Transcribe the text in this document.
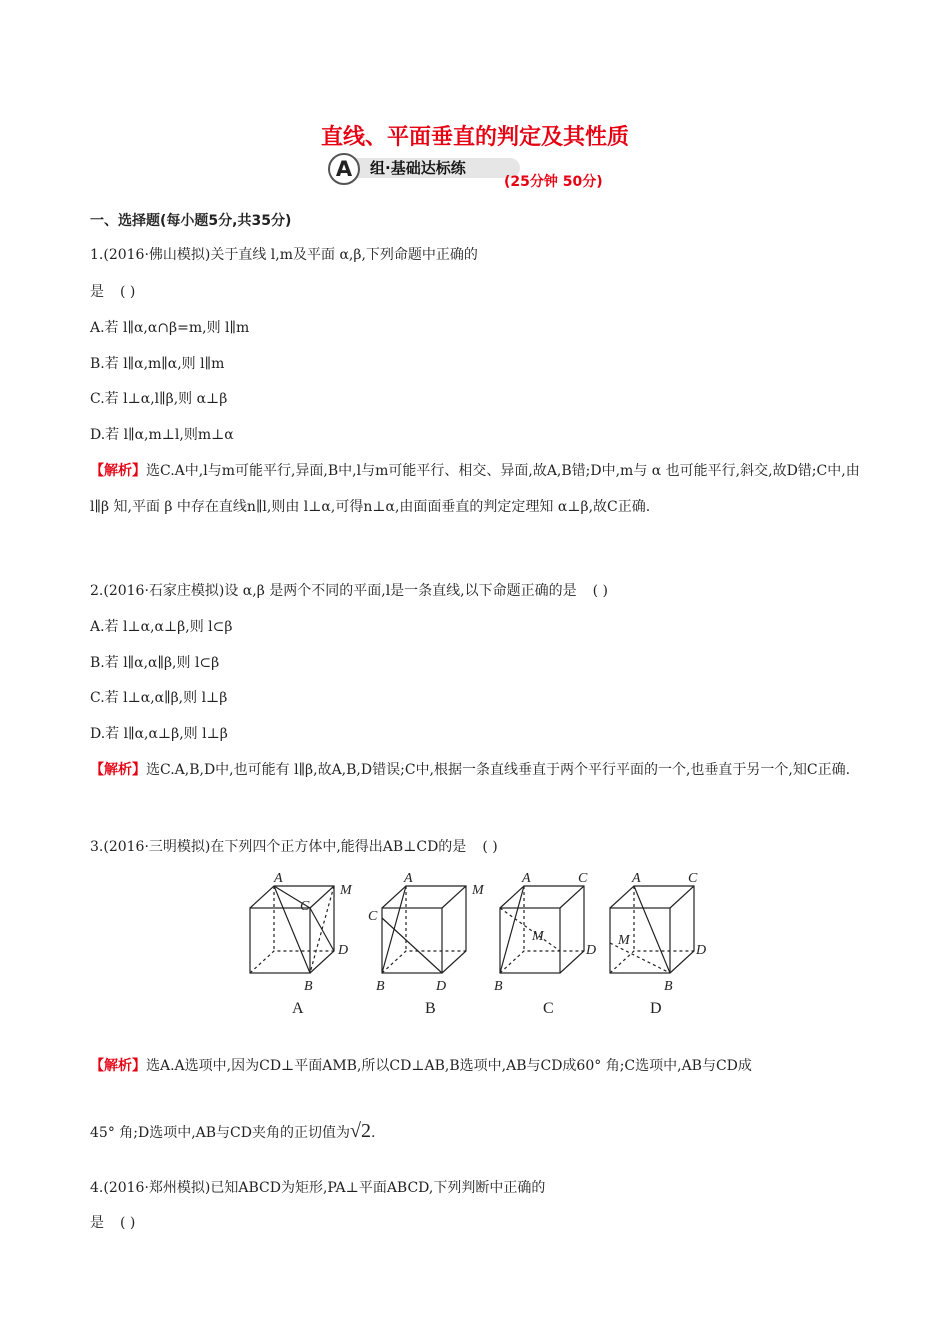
直线、平面垂直的判定及其性质
A	组·基础达标练
(25分钟 50分)
一、选择题(每小题5分,共35分)
1.(2016·佛山模拟)关于直线 l,m及平面 α,β,下列命题中正确的
是 ( )
A.若 l∥α,α∩β=m,则 l∥m
B.若 l∥α,m∥α,则 l∥m
C.若 l⊥α,l∥β,则 α⊥β
D.若 l∥α,m⊥l,则m⊥α
【解析】选C.A中,l与m可能平行,异面,B中,l与m可能平行、相交、异面,故A,B错;D中,m与 α 也可能平行,斜交,故D错;C中,由 l∥β 知,平面 β 中存在直线n∥l,则由 l⊥α,可得n⊥α,由面面垂直的判定定理知 α⊥β,故C正确.
2.(2016·石家庄模拟)设 α,β 是两个不同的平面,l是一条直线,以下命题正确的是 ( )
A.若 l⊥α,α⊥β,则 l⊂β
B.若 l∥α,α∥β,则 l⊂β
C.若 l⊥α,α∥β,则 l⊥β
D.若 l∥α,α⊥β,则 l⊥β
【解析】选C.A,B,D中,也可能有 l∥β,故A,B,D错误;C中,根据一条直线垂直于两个平行平面的一个,也垂直于另一个,知C正确.
3.(2016·三明模拟)在下列四个正方体中,能得出AB⊥CD的是 ( )
A
M
C
D
B
A
M
C
D
B
A	C
M
D
B
A	C
M
D
B
A	B	C	D
【解析】选A.A选项中,因为CD⊥平面AMB,所以CD⊥AB,B选项中,AB与CD成60° 角;C选项中,AB与CD成
45° 角;D选项中,AB与CD夹角的正切值为√2.
4.(2016·郑州模拟)已知ABCD为矩形,PA⊥平面ABCD,下列判断中正确的
是 ( )
